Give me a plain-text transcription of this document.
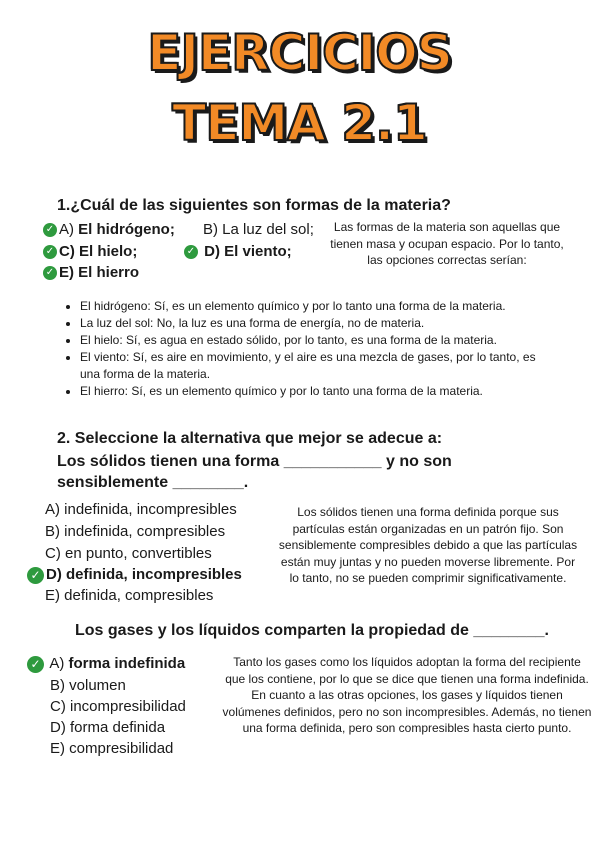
EJERCICIOS
TEMA 2.1
1.¿Cuál de las siguientes son formas de la materia?
✓ A) El hidrógeno; B) La luz del sol;
✓ C) El hielo;	✓ D) El viento;
✓ E) El hierro
Las formas de la materia son aquellas que tienen masa y ocupan espacio. Por lo tanto, las opciones correctas serían:
• El hidrógeno: Sí, es un elemento químico y por lo tanto una forma de la materia.
• La luz del sol: No, la luz es una forma de energía, no de materia.
• El hielo: Sí, es agua en estado sólido, por lo tanto, es una forma de la materia.
• El viento: Sí, es aire en movimiento, y el aire es una mezcla de gases, por lo tanto, es una forma de la materia.
• El hierro: Sí, es un elemento químico y por lo tanto una forma de la materia.
2. Seleccione la alternativa que mejor se adecue a:
Los sólidos tienen una forma ___________ y no son sensiblemente ________.
A) indefinida, incompresibles
B) indefinida, compresibles
C) en punto, convertibles
✓ D) definida, incompresibles
E) definida, compresibles
Los sólidos tienen una forma definida porque sus partículas están organizadas en un patrón fijo. Son sensiblemente compresibles debido a que las partículas están muy juntas y no pueden moverse libremente. Por lo tanto, no se pueden comprimir significativamente.
Los gases y los líquidos comparten la propiedad de ________.
✓ A) forma indefinida
B) volumen
C) incompresibilidad
D) forma definida
E) compresibilidad
Tanto los gases como los líquidos adoptan la forma del recipiente que los contiene, por lo que se dice que tienen una forma indefinida. En cuanto a las otras opciones, los gases y líquidos tienen volúmenes definidos, pero no son incompresibles. Además, no tienen una forma definida, pero son compresibles hasta cierto punto.
